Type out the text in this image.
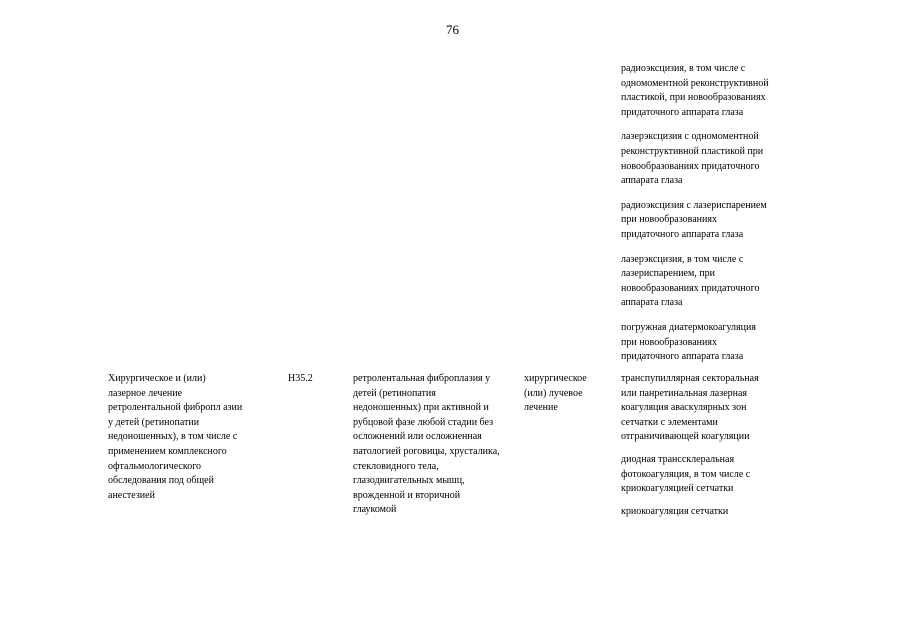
76
радиоэксцизия, в том числе с
одномоментной реконструктивной
пластикой, при новообразованиях
придаточного аппарата глаза
лазерэксцизия с одномоментной
реконструктивной пластикой при
новообразованиях придаточного
аппарата глаза
радиоэксцизия с лазериспарением
при новообразованиях
придаточного аппарата глаза
лазерэксцизия, в том числе с
лазериспарением, при
новообразованиях придаточного
аппарата глаза
погружная диатермокоагуляция
при новообразованиях
придаточного аппарата глаза
Хирургическое и (или)
лазерное лечение
ретролентальной фибропл азии
у детей (ретинопатии
недоношенных), в том числе с
применением комплексного
офтальмологического
обследования под общей
анестезией
Н35.2	ретролентальная фиброплазия у
детей (ретинопатия
недоношенных) при активной и
рубцовой фазе любой стадии без
осложнений или осложненная
патологией роговицы, хрусталика,
стекловидного тела,
глазодвигательных мышц,
врожденной и вторичной
глаукомой
хирургическое
(или) лучевое
лечение
транспупиллярная секторальная
или панретинальная лазерная
коагуляция аваскулярных зон
сетчатки с элементами
отграничивающей коагуляции
диодная транссклеральная
фотокоагуляция, в том числе с
криокоагуляцией сетчатки
криокоагуляция сетчатки
